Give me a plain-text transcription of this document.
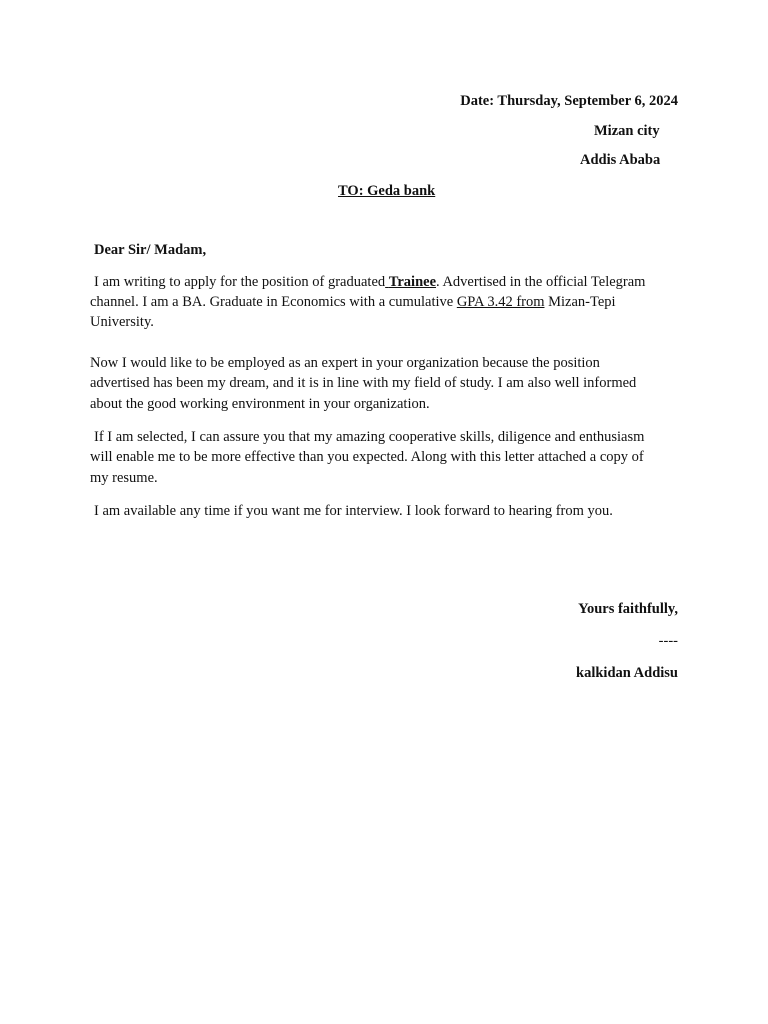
Date: Thursday, September 6, 2024
Mizan city
Addis Ababa
TO: Geda bank
Dear Sir/ Madam,
I am writing to apply for the position of graduated Trainee. Advertised in the official Telegram
channel. I am a BA. Graduate in Economics with a cumulative GPA 3.42 from Mizan-Tepi
University.
Now I would like to be employed as an expert in your organization because the position
advertised has been my dream, and it is in line with my field of study. I am also well informed
about the good working environment in your organization.
If I am selected, I can assure you that my amazing cooperative skills, diligence and enthusiasm
will enable me to be more effective than you expected. Along with this letter attached a copy of
my resume.
I am available any time if you want me for interview. I look forward to hearing from you.
Yours faithfully,
----
kalkidan Addisu
